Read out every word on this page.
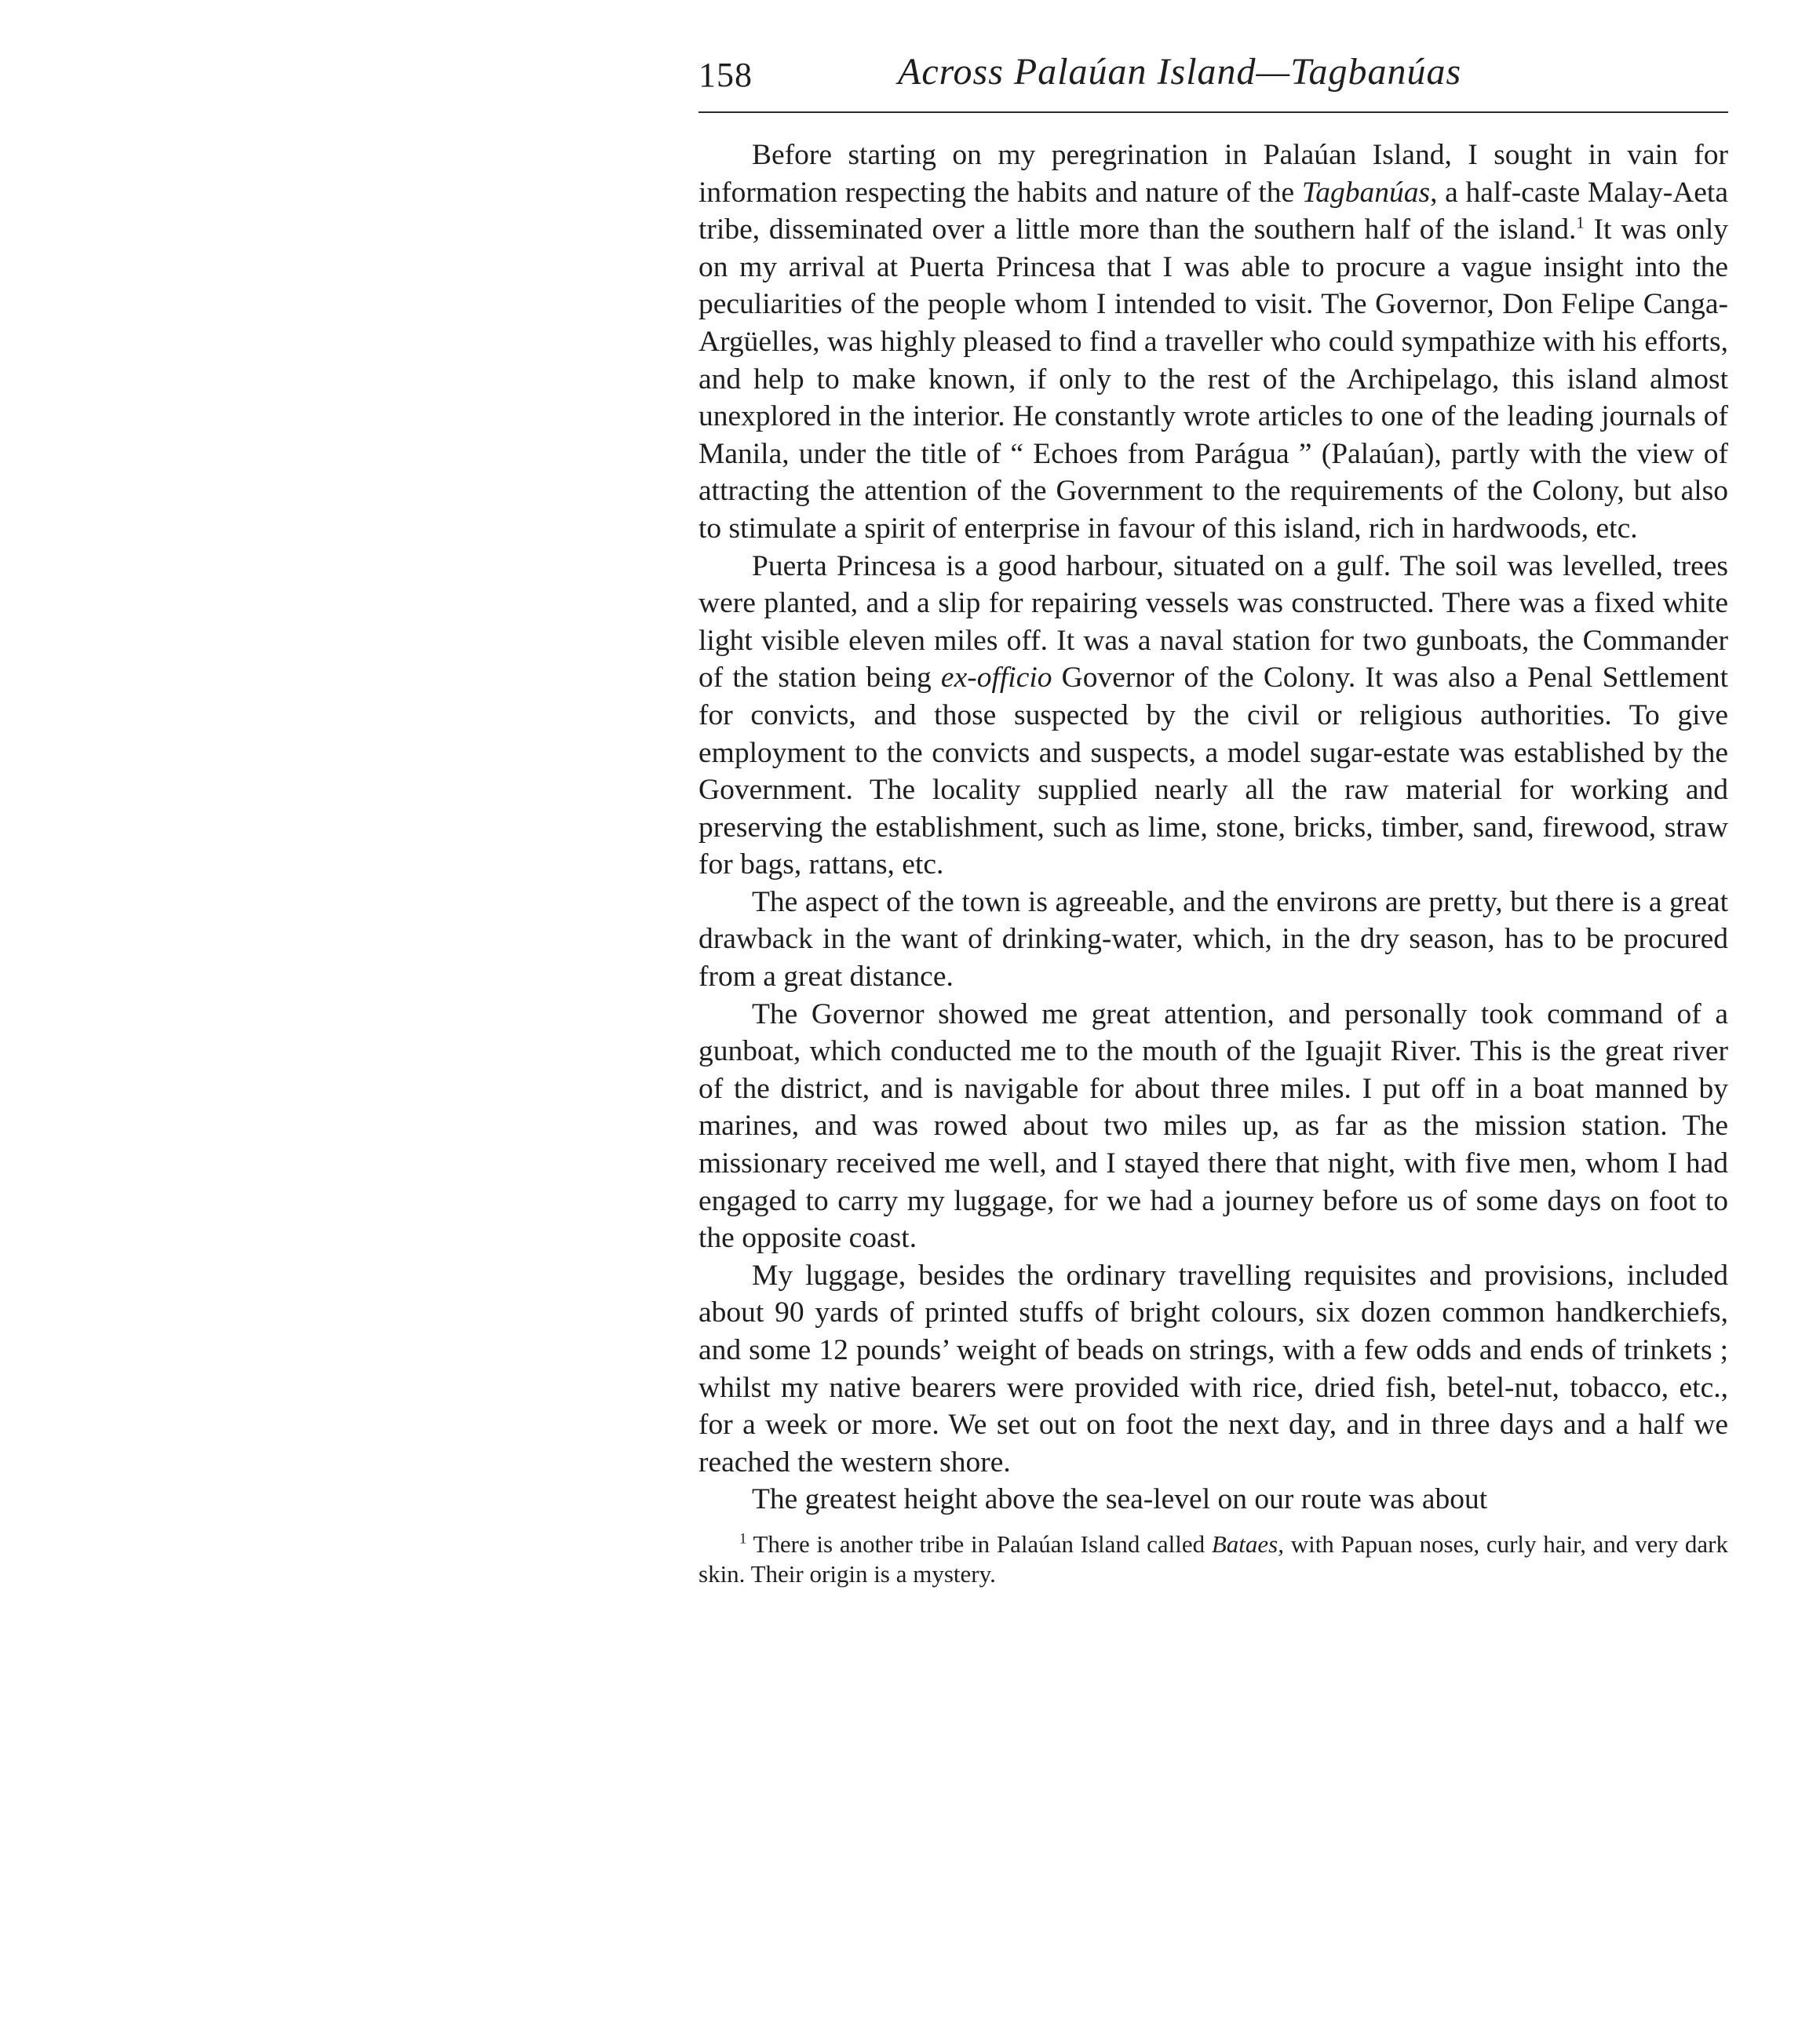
158	Across Palaúan Island—Tagbanúas

Before starting on my peregrination in Palaúan Island, I sought in vain for information respecting the habits and nature of the Tagbanúas, a half-caste Malay-Aeta tribe, disseminated over a little more than the southern half of the island.$^1$ It was only on my arrival at Puerta Princesa that I was able to procure a vague insight into the peculiarities of the people whom I intended to visit. The Governor, Don Felipe Canga-Argüelles, was highly pleased to find a traveller who could sympathize with his efforts, and help to make known, if only to the rest of the Archipelago, this island almost unexplored in the interior. He constantly wrote articles to one of the leading journals of Manila, under the title of “ Echoes from Parágua ” (Palaúan), partly with the view of attracting the attention of the Government to the requirements of the Colony, but also to stimulate a spirit of enterprise in favour of this island, rich in hardwoods, etc.

Puerta Princesa is a good harbour, situated on a gulf. The soil was levelled, trees were planted, and a slip for repairing vessels was constructed. There was a fixed white light visible eleven miles off. It was a naval station for two gunboats, the Commander of the station being ex-officio Governor of the Colony. It was also a Penal Settlement for convicts, and those suspected by the civil or religious authorities. To give employment to the convicts and suspects, a model sugar-estate was established by the Government. The locality supplied nearly all the raw material for working and preserving the establishment, such as lime, stone, bricks, timber, sand, firewood, straw for bags, rattans, etc.

The aspect of the town is agreeable, and the environs are pretty, but there is a great drawback in the want of drinking-water, which, in the dry season, has to be procured from a great distance.

The Governor showed me great attention, and personally took command of a gunboat, which conducted me to the mouth of the Iguajit River. This is the great river of the district, and is navigable for about three miles. I put off in a boat manned by marines, and was rowed about two miles up, as far as the mission station. The missionary received me well, and I stayed there that night, with five men, whom I had engaged to carry my luggage, for we had a journey before us of some days on foot to the opposite coast.

My luggage, besides the ordinary travelling requisites and provisions, included about 90 yards of printed stuffs of bright colours, six dozen common handkerchiefs, and some 12 pounds’ weight of beads on strings, with a few odds and ends of trinkets ; whilst my native bearers were provided with rice, dried fish, betel-nut, tobacco, etc., for a week or more. We set out on foot the next day, and in three days and a half we reached the western shore.

The greatest height above the sea-level on our route was about

$^1$ There is another tribe in Palaúan Island called Bataes, with Papuan noses, curly hair, and very dark skin. Their origin is a mystery.
